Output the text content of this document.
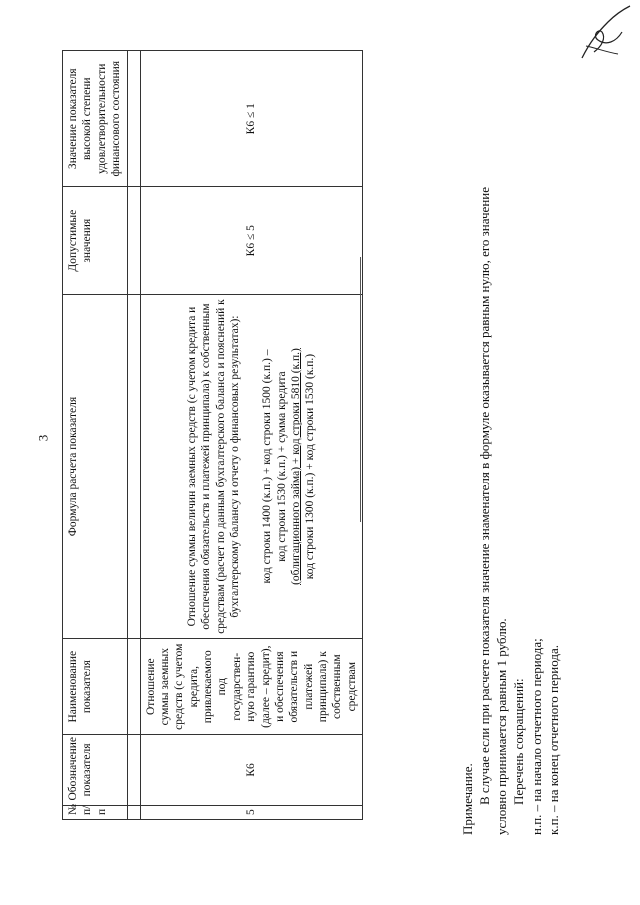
3
№ п/п	Обозначение показателя	Наименование показателя	Формула расчета показателя	Допустимые значения	Значение показателя высокой степени удовлетворительности финансового состояния

5	К6	Отношение суммы заемных средств (с учетом кредита, привлекаемого под государствен-ную гарантию (далее – кредит), и обеспечения обязательств и платежей принципала) к собственным средствам	Отношение суммы величин заемных средств (с учетом кредита и обеспечения обязательств и платежей принципала) к собственным средствам (расчет по данным бухгалтерского баланса и пояснений к бухгалтерскому балансу и отчету о финансовых результатах): код строки 1400 (к.п.) + код строки 1500 (к.п.) – код строки 1530 (к.п.) + сумма кредита (облигационного займа) + код строки 5810 (к.п.) код строки 1300 (к.п.) + код строки 1530 (к.п.)	К6 ≤ 5	К6 ≤ 1

Примечание. В случае если при расчете показателя значение знаменателя в формуле оказывается равным нулю, его значение условно принимается равным 1 рублю. Перечень сокращений: н.п. – на начало отчетного периода; к.п. – на конец отчетного периода.
